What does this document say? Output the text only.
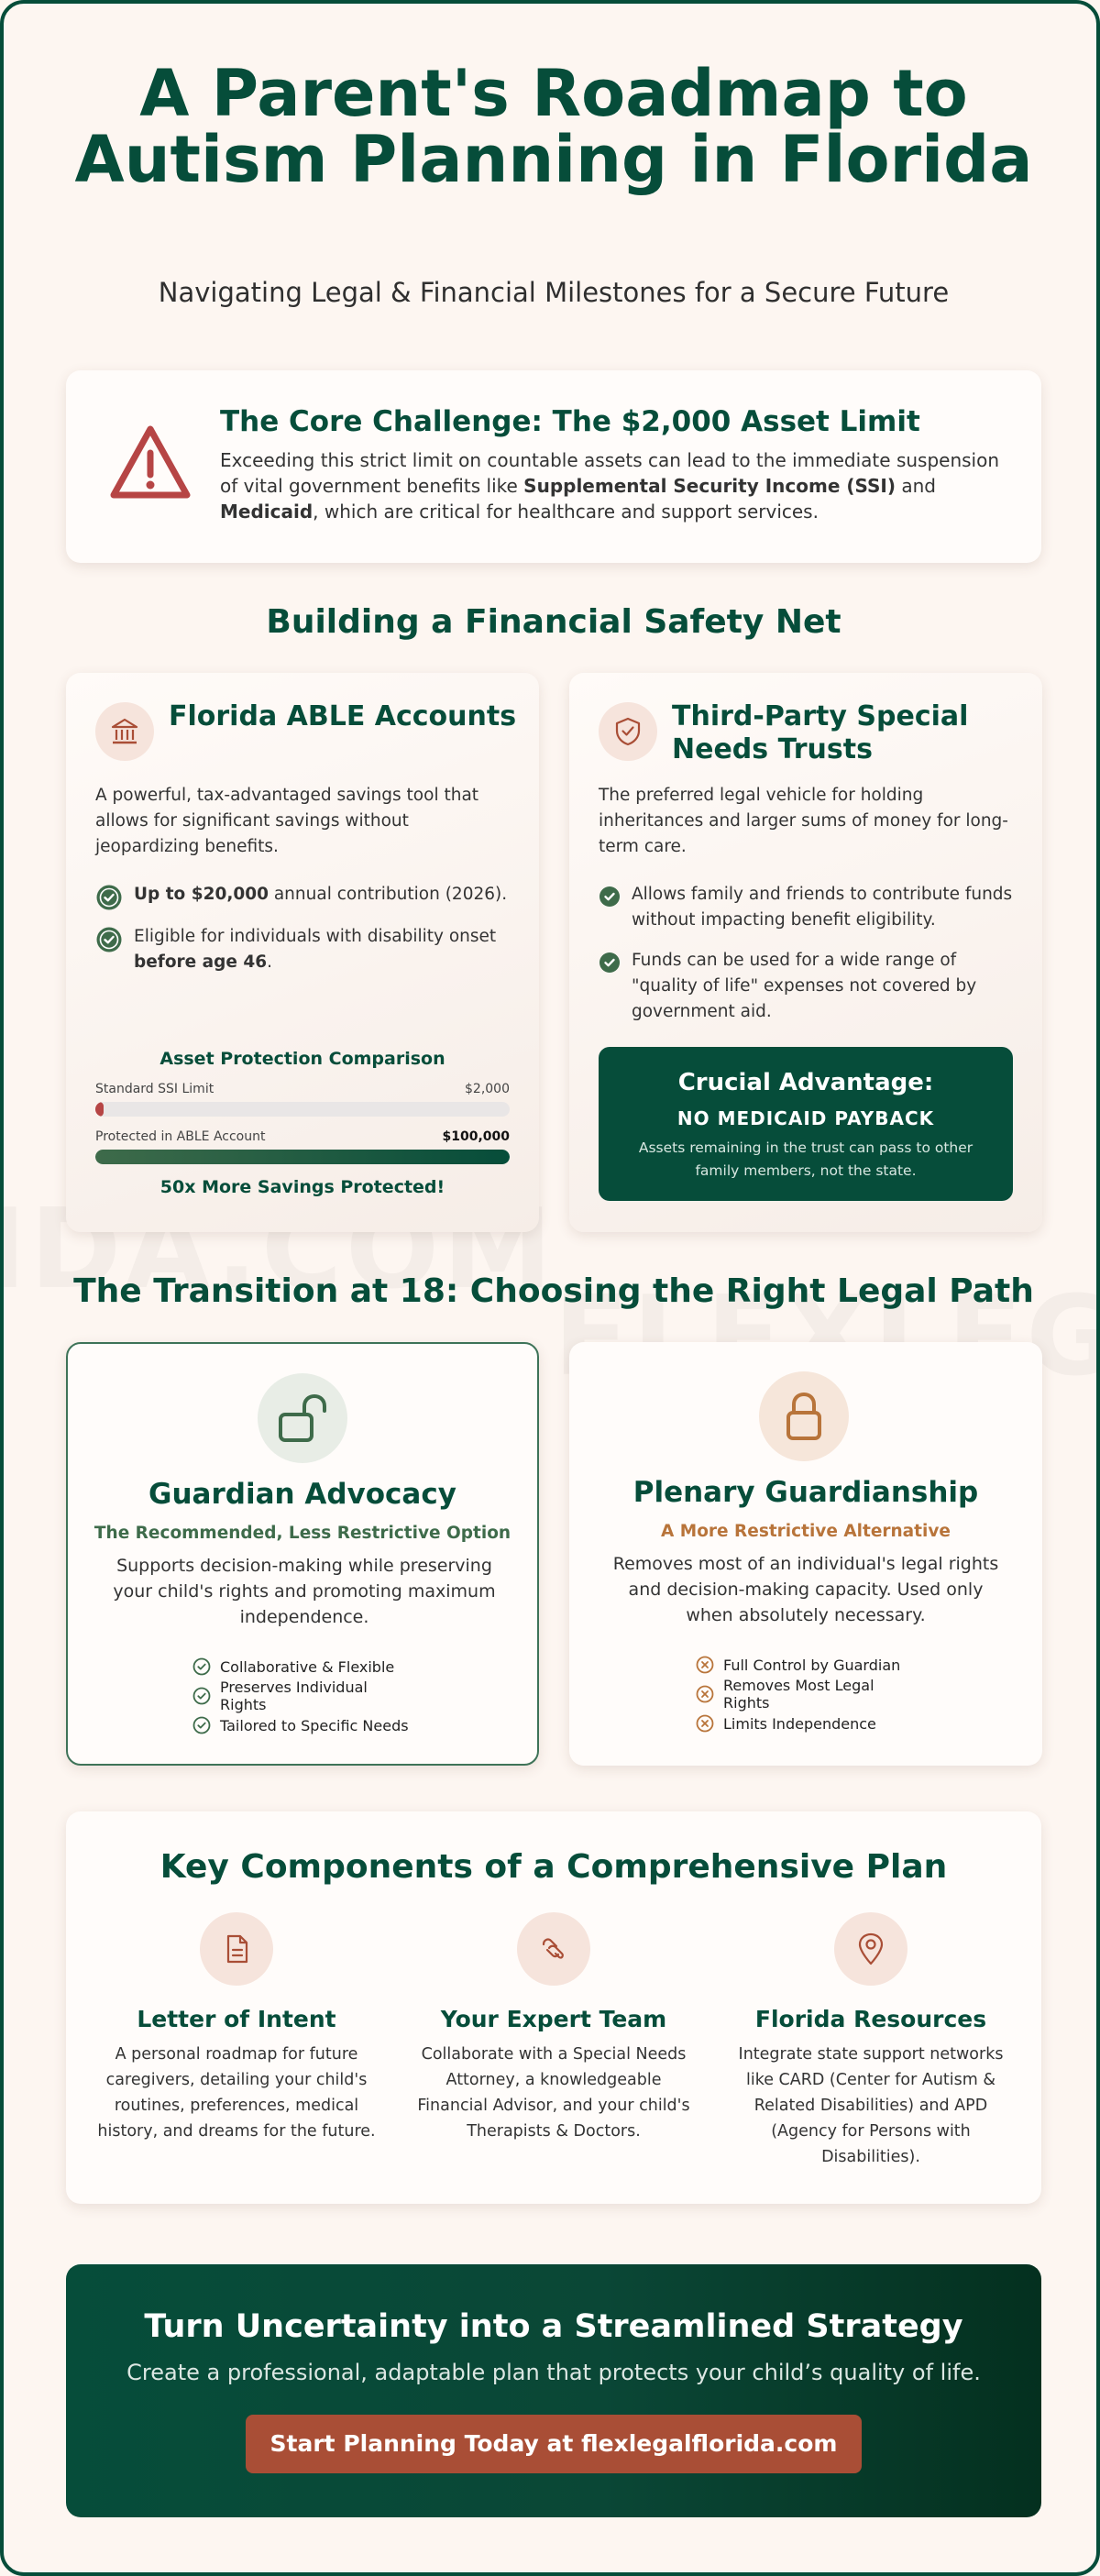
A Parent's Roadmap to Autism Planning in Florida
Navigating Legal & Financial Milestones for a Secure Future
The Core Challenge: The $2,000 Asset Limit
Exceeding this strict limit on countable assets can lead to the immediate suspension of vital government benefits like Supplemental Security Income (SSI) and Medicaid, which are critical for healthcare and support services.
Building a Financial Safety Net
Florida ABLE Accounts
A powerful, tax-advantaged savings tool that allows for significant savings without jeopardizing benefits.
Up to $20,000 annual contribution (2026).
Eligible for individuals with disability onset before age 46.
Asset Protection Comparison
Standard SSI Limit	$2,000
Protected in ABLE Account	$100,000
50x More Savings Protected!
Third-Party Special Needs Trusts
The preferred legal vehicle for holding inheritances and larger sums of money for long-term care.
Allows family and friends to contribute funds without impacting benefit eligibility.
Funds can be used for a wide range of "quality of life" expenses not covered by government aid.
Crucial Advantage:
NO MEDICAID PAYBACK
Assets remaining in the trust can pass to other family members, not the state.
The Transition at 18: Choosing the Right Legal Path
Guardian Advocacy
The Recommended, Less Restrictive Option
Supports decision-making while preserving your child's rights and promoting maximum independence.
Collaborative & Flexible
Preserves Individual Rights
Tailored to Specific Needs
Plenary Guardianship
A More Restrictive Alternative
Removes most of an individual's legal rights and decision-making capacity. Used only when absolutely necessary.
Full Control by Guardian
Removes Most Legal Rights
Limits Independence
Key Components of a Comprehensive Plan
Letter of Intent
A personal roadmap for future caregivers, detailing your child's routines, preferences, medical history, and dreams for the future.
Your Expert Team
Collaborate with a Special Needs Attorney, a knowledgeable Financial Advisor, and your child's Therapists & Doctors.
Florida Resources
Integrate state support networks like CARD (Center for Autism & Related Disabilities) and APD (Agency for Persons with Disabilities).
Turn Uncertainty into a Streamlined Strategy
Create a professional, adaptable plan that protects your child’s quality of life.
Start Planning Today at flexlegalflorida.com
